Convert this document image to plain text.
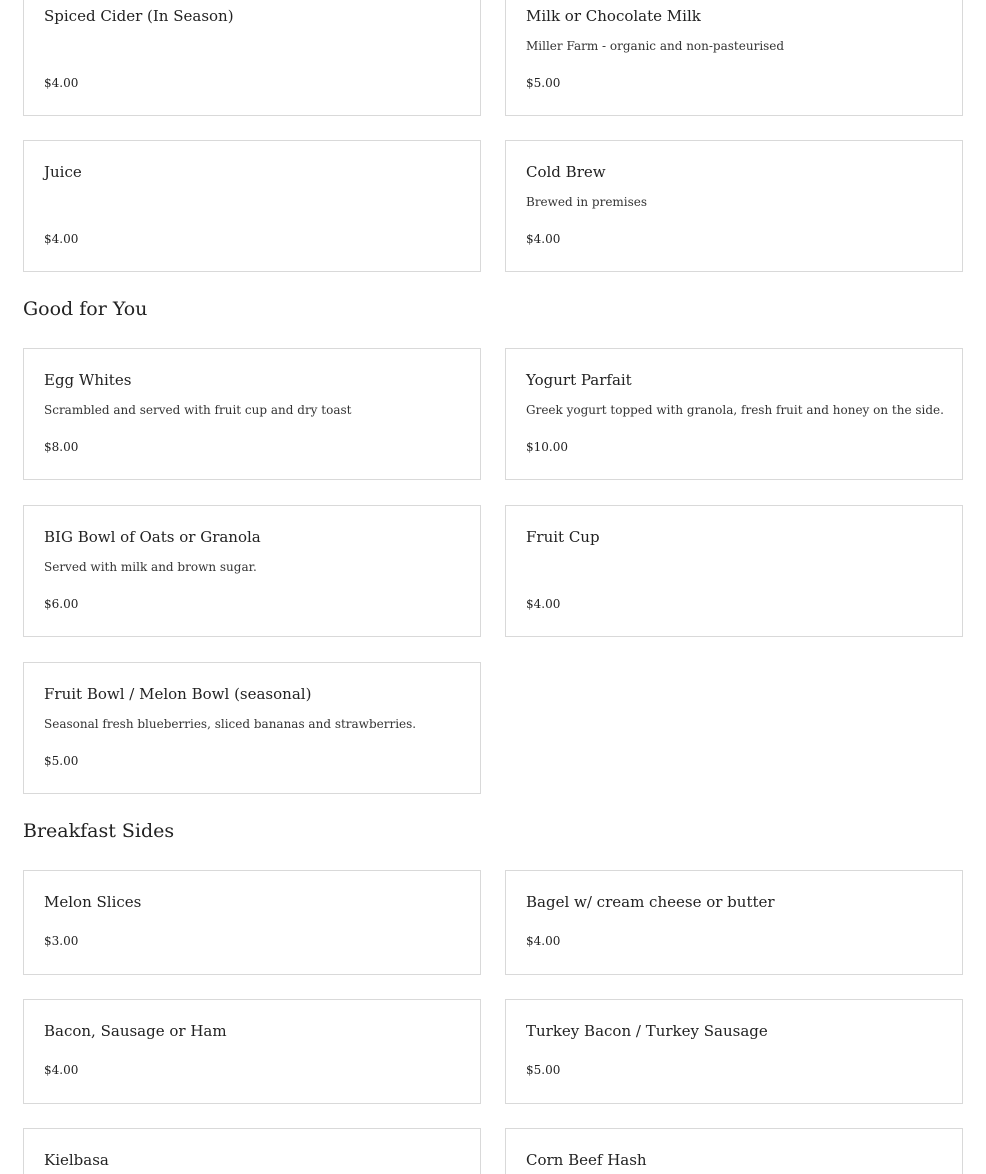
Spiced Cider (In Season)
$4.00
Milk or Chocolate Milk
Miller Farm - organic and non-pasteurised
$5.00
Juice
$4.00
Cold Brew
Brewed in premises
$4.00
Good for You
Egg Whites
Scrambled and served with fruit cup and dry toast
$8.00
Yogurt Parfait
Greek yogurt topped with granola, fresh fruit and honey on the side.
$10.00
BIG Bowl of Oats or Granola
Served with milk and brown sugar.
$6.00
Fruit Cup
$4.00
Fruit Bowl / Melon Bowl (seasonal)
Seasonal fresh blueberries, sliced bananas and strawberries.
$5.00
Breakfast Sides
Melon Slices
$3.00
Bagel w/ cream cheese or butter
$4.00
Bacon, Sausage or Ham
$4.00
Turkey Bacon / Turkey Sausage
$5.00
Kielbasa	Corn Beef Hash
